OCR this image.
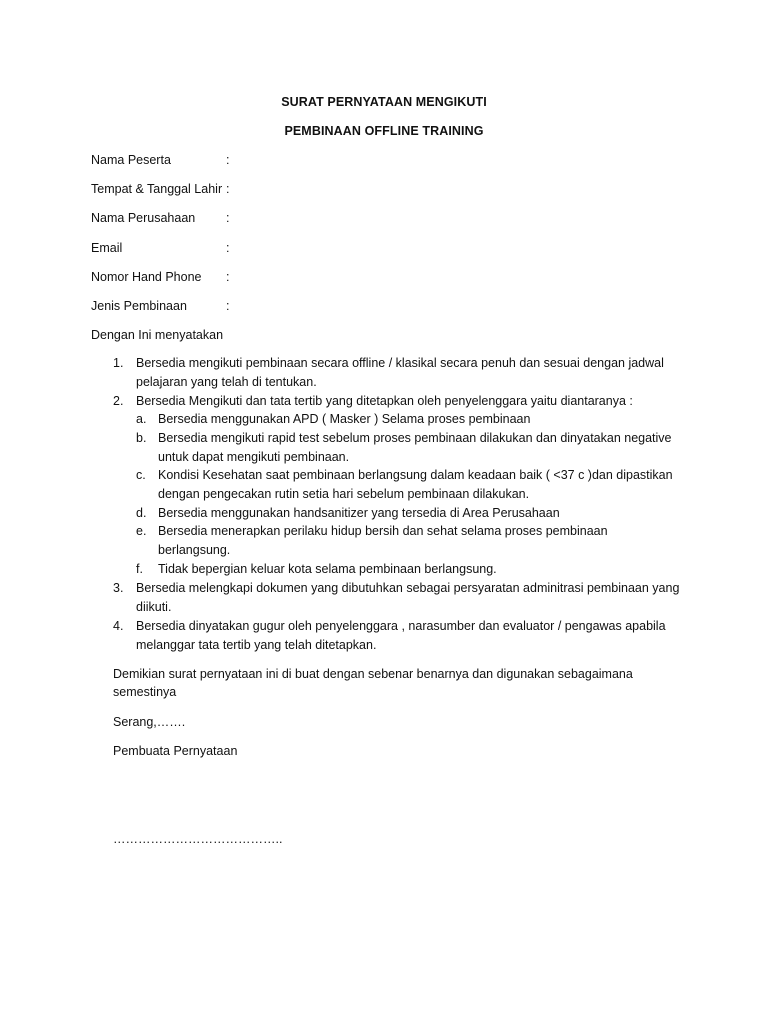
SURAT PERNYATAAN MENGIKUTI
PEMBINAAN OFFLINE TRAINING
Nama Peserta	:
Tempat & Tanggal Lahir :
Nama Perusahaan :
Email	:
Nomor Hand Phone :
Jenis Pembinaan	:
Dengan Ini menyatakan
1. Bersedia mengikuti pembinaan secara offline / klasikal secara penuh dan sesuai dengan jadwal pelajaran yang telah di tentukan.
2. Bersedia Mengikuti dan tata tertib yang ditetapkan oleh penyelenggara yaitu diantaranya :
a. Bersedia menggunakan APD ( Masker ) Selama proses pembinaan
b. Bersedia mengikuti rapid test sebelum proses pembinaan dilakukan dan dinyatakan negative untuk dapat mengikuti pembinaan.
c. Kondisi Kesehatan saat pembinaan berlangsung dalam keadaan baik ( <37 c )dan dipastikan dengan pengecakan rutin setia hari sebelum pembinaan dilakukan.
d. Bersedia menggunakan handsanitizer yang tersedia di Area Perusahaan
e. Bersedia menerapkan perilaku hidup bersih dan sehat selama proses pembinaan berlangsung.
f. Tidak bepergian keluar kota selama pembinaan berlangsung.
3. Bersedia melengkapi dokumen yang dibutuhkan sebagai persyaratan adminitrasi pembinaan yang diikuti.
4. Bersedia dinyatakan gugur oleh penyelenggara , narasumber dan evaluator / pengawas apabila melanggar tata tertib yang telah ditetapkan.
Demikian surat pernyataan ini di buat dengan sebenar benarnya dan digunakan sebagaimana semestinya
Serang,…….
Pembuata Pernyataan
…………………………………..
